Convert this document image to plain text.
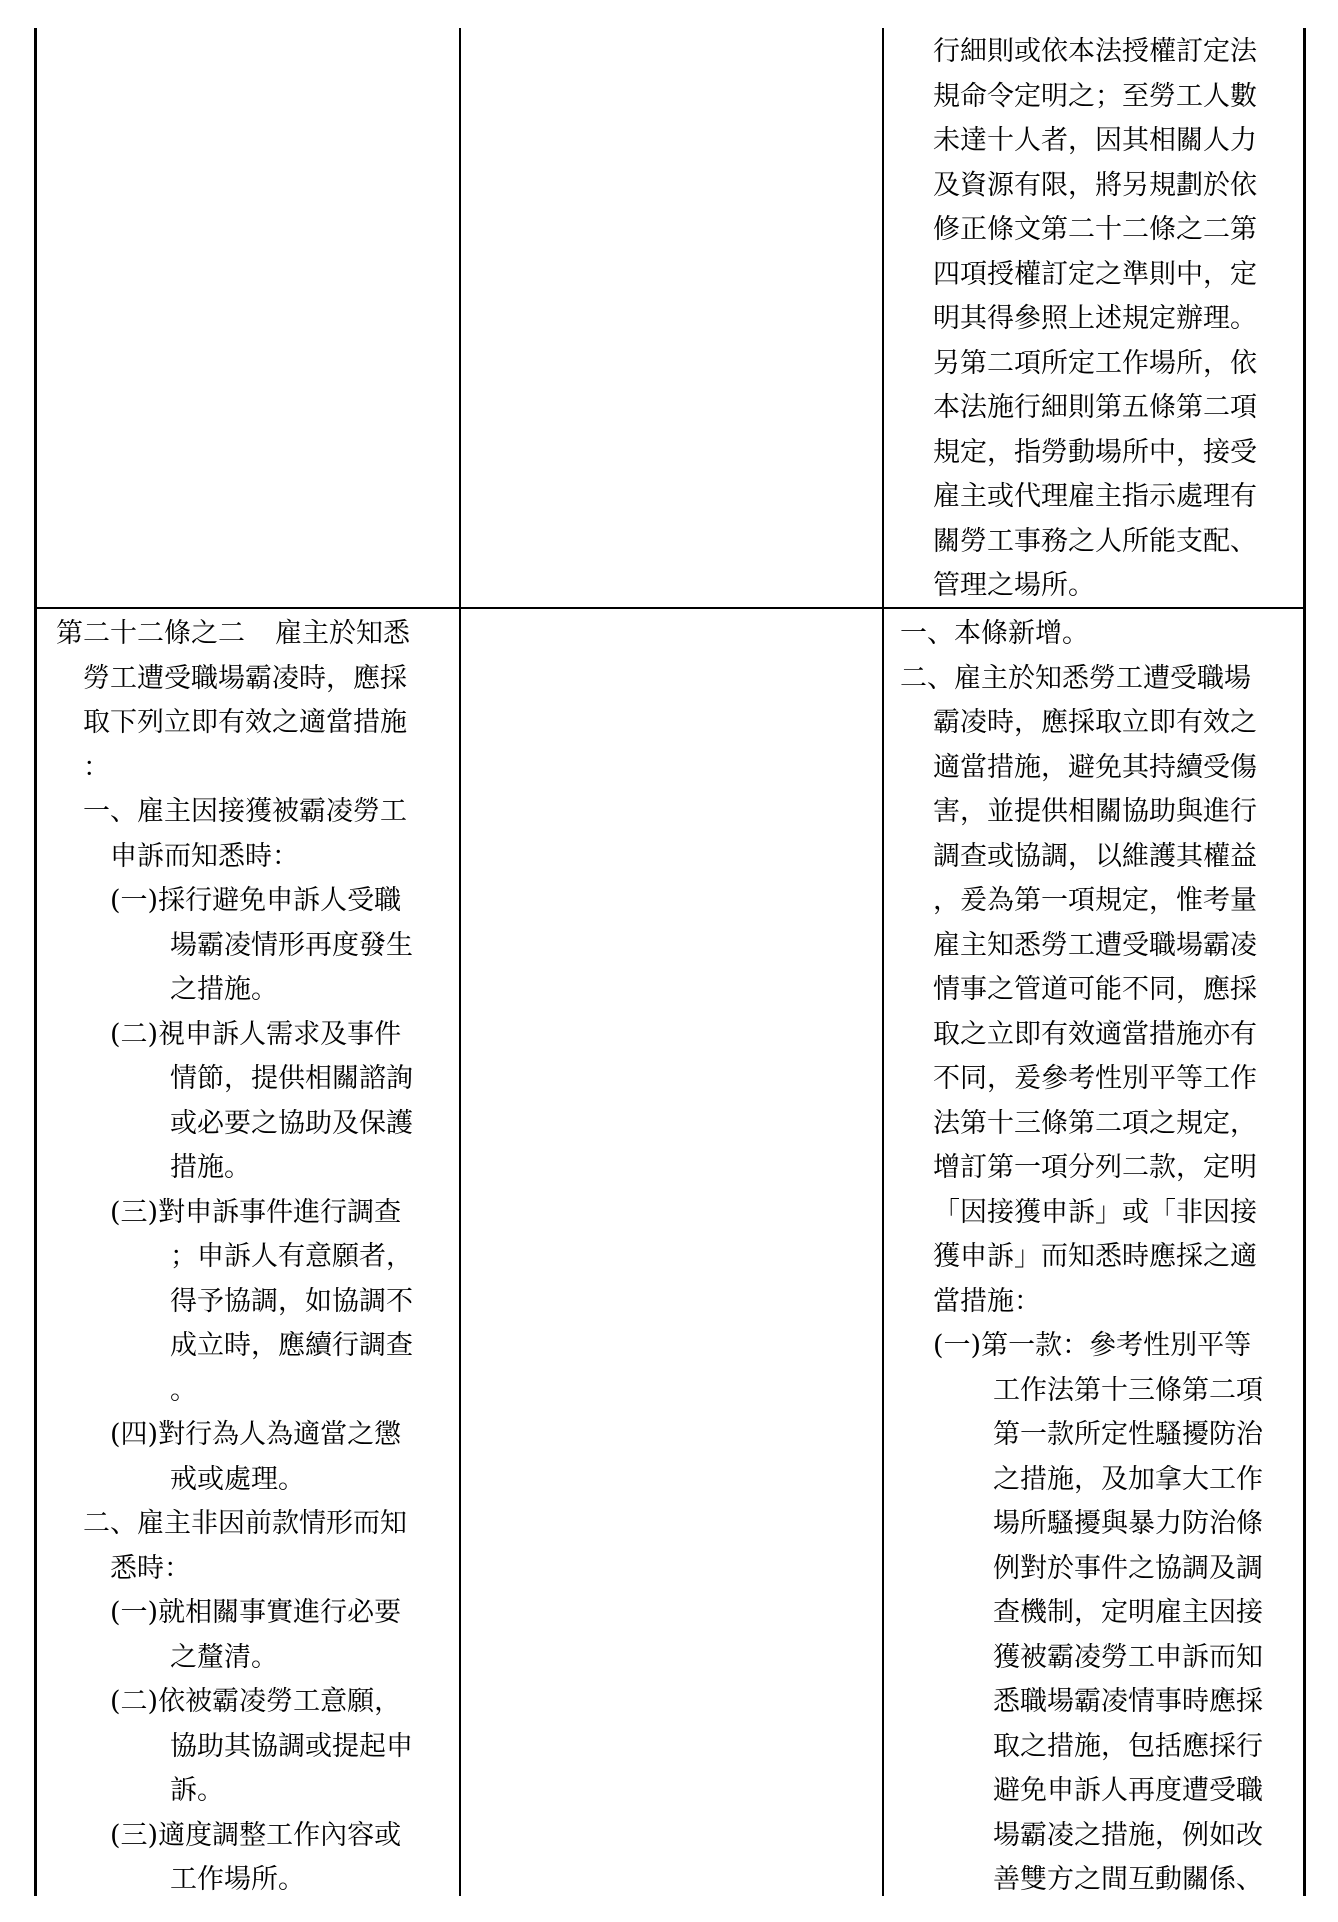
行細則或依本法授權訂定法
規命令定明之；至勞工人數
未達十人者，因其相關人力
及資源有限，將另規劃於依
修正條文第二十二條之二第
四項授權訂定之準則中，定
明其得參照上述規定辦理。
另第二項所定工作場所，依
本法施行細則第五條第二項
規定，指勞動場所中，接受
雇主或代理雇主指示處理有
關勞工事務之人所能支配、
管理之場所。
第二十二條之二 雇主於知悉
勞工遭受職場霸凌時，應採
取下列立即有效之適當措施
：
一、雇主因接獲被霸凌勞工
申訴而知悉時：
(一)採行避免申訴人受職
場霸凌情形再度發生
之措施。
(二)視申訴人需求及事件
情節，提供相關諮詢
或必要之協助及保護
措施。
(三)對申訴事件進行調查
；申訴人有意願者，
得予協調，如協調不
成立時，應續行調查
。
(四)對行為人為適當之懲
戒或處理。
二、雇主非因前款情形而知
悉時：
(一)就相關事實進行必要
之釐清。
(二)依被霸凌勞工意願，
協助其協調或提起申
訴。
(三)適度調整工作內容或
工作場所。
一、本條新增。
二、雇主於知悉勞工遭受職場
霸凌時，應採取立即有效之
適當措施，避免其持續受傷
害，並提供相關協助與進行
調查或協調，以維護其權益
，爰為第一項規定，惟考量
雇主知悉勞工遭受職場霸凌
情事之管道可能不同，應採
取之立即有效適當措施亦有
不同，爰參考性別平等工作
法第十三條第二項之規定，
增訂第一項分列二款，定明
「因接獲申訴」或「非因接
獲申訴」而知悉時應採之適
當措施：
(一)第一款：參考性別平等
工作法第十三條第二項
第一款所定性騷擾防治
之措施，及加拿大工作
場所騷擾與暴力防治條
例對於事件之協調及調
查機制，定明雇主因接
獲被霸凌勞工申訴而知
悉職場霸凌情事時應採
取之措施，包括應採行
避免申訴人再度遭受職
場霸凌之措施，例如改
善雙方之間互動關係、
